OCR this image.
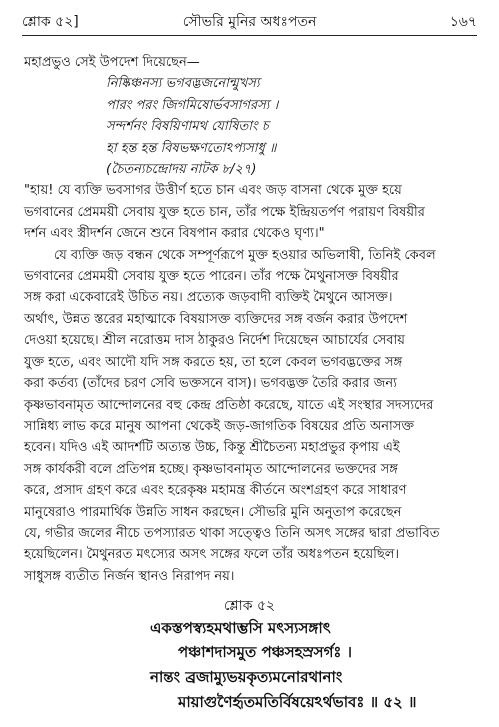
শ্লোক ৫২]	সৌভরি মুনির অধঃপতন	১৬৭

মহাপ্রভুও সেই উপদেশ দিয়েছেন—

নিষ্কিঞ্চনস্য ভগবদ্ভজনোন্মুখস্য

পারং পরং জিগমিষোর্ভবসাগরস্য ।

সন্দর্শনং বিষয়িণামথ যোষিতাং চ

হা হন্ত হন্ত বিষভক্ষণতোঽপ্যসাধু ॥

(চৈতন্যচন্দ্রোদয় নাটক ৮/২৭)

"হায়! যে ব্যক্তি ভবসাগর উত্তীর্ণ হতে চান এবং জড় বাসনা থেকে মুক্ত হয়ে

ভগবানের প্রেমময়ী সেবায় যুক্ত হতে চান, তাঁর পক্ষে ইন্দ্রিয়তর্পণ পরায়ণ বিষয়ীর

দর্শন এবং স্ত্রীদর্শন জেনে শুনে বিষপান করার থেকেও ঘৃণ্য।"

যে ব্যক্তি জড় বন্ধন থেকে সম্পূর্ণরূপে মুক্ত হওয়ার অভিলাষী, তিনিই কেবল

ভগবানের প্রেমময়ী সেবায় যুক্ত হতে পারেন। তাঁর পক্ষে মৈথুনাসক্ত বিষয়ীর

সঙ্গ করা একেবারেই উচিত নয়। প্রত্যেক জড়বাদী ব্যক্তিই মৈথুনে আসক্ত।

অর্থাৎ, উন্নত স্তরের মহাত্মাকে বিষয়াসক্ত ব্যক্তিদের সঙ্গ বর্জন করার উপদেশ

দেওয়া হয়েছে। শ্রীল নরোত্তম দাস ঠাকুরও নির্দেশ দিয়েছেন আচার্যের সেবায়

যুক্ত হতে, এবং আদৌ যদি সঙ্গ করতে হয়, তা হলে কেবল ভগবদ্ভক্তের সঙ্গ

করা কর্তব্য (তাঁদের চরণ সেবি ভক্তসনে বাস)। ভগবদ্ভক্ত তৈরি করার জন্য

কৃষ্ণভাবনামৃত আন্দোলনের বহু কেন্দ্র প্রতিষ্ঠা করেছে, যাতে এই সংস্থার সদস্যদের

সান্নিধ্য লাভ করে মানুষ আপনা থেকেই জড়-জাগতিক বিষয়ের প্রতি অনাসক্ত

হবেন। যদিও এই আদর্শটি অত্যন্ত উচ্চ, কিন্তু শ্রীচৈতন্য মহাপ্রভুর কৃপায় এই

সঙ্গ কার্যকরী বলে প্রতিপন্ন হচ্ছে। কৃষ্ণভাবনামৃত আন্দোলনের ভক্তদের সঙ্গ

করে, প্রসাদ গ্রহণ করে এবং হরেকৃষ্ণ মহামন্ত্র কীর্তনে অংশগ্রহণ করে সাধারণ

মানুষেরাও পারমার্থিক উন্নতি সাধন করছেন। সৌভরি মুনি অনুতাপ করেছেন

যে, গভীর জলের নীচে তপস্যারত থাকা সত্ত্বেও তিনি অসৎ সঙ্গের দ্বারা প্রভাবিত

হয়েছিলেন। মৈথুনরত মৎস্যের অসৎ সঙ্গের ফলে তাঁর অধঃপতন হয়েছিল।

সাধুসঙ্গ ব্যতীত নির্জন স্থানও নিরাপদ নয়।

শ্লোক ৫২
একস্তপস্ব্যহমথাম্ভসি মৎস্যসঙ্গাৎ
পঞ্চাশদাসমুত পঞ্চসহস্রসর্গঃ ।
নান্তং ব্রজাম্যুভয়কৃত্যমনোরথানাং
মায়াগুণৈর্হৃতমতির্বিষয়েঽর্থভাবঃ ॥ ৫২ ॥
